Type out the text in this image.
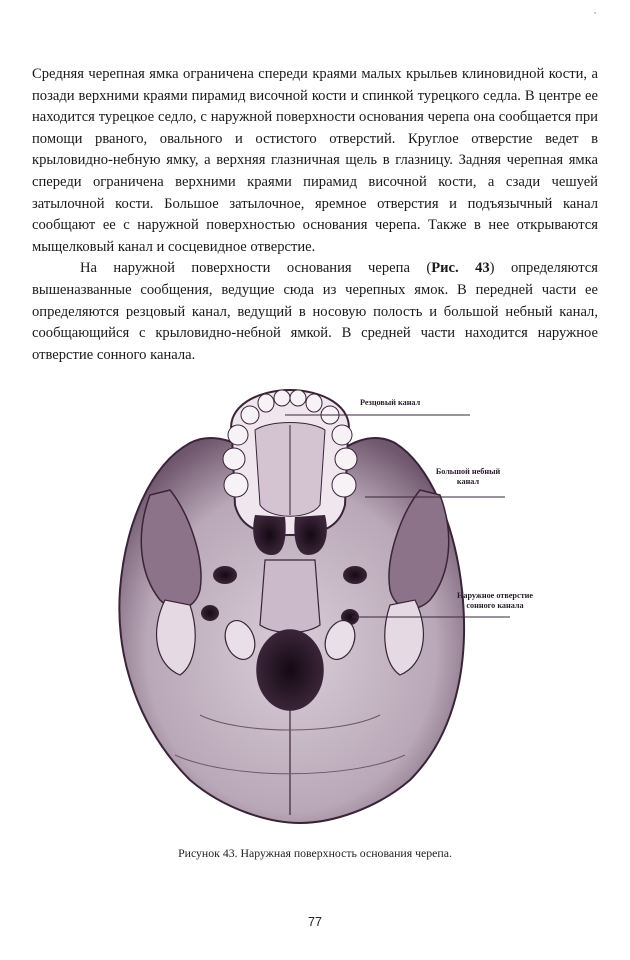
Средняя черепная ямка ограничена спереди краями малых крыльев клиновидной кости, а позади верхними краями пирамид височной кости и спинкой турецкого седла. В центре ее находится турецкое седло, с наружной поверхности основания черепа она сообщается при помощи рваного, овального и остистого отверстий. Круглое отверстие ведет в крыловидно-небную ямку, а верхняя глазничная щель в глазницу. Задняя черепная ямка спереди ограничена верхними краями пирамид височной кости, а сзади чешуей затылочной кости. Большое затылочное, яремное отверстия и подъязычный канал сообщают ее с наружной поверхностью основания черепа. Также в нее открываются мыщелковый канал и сосцевидное отверстие.

На наружной поверхности основания черепа (Рис. 43) определяются вышеназванные сообщения, ведущие сюда из черепных ямок. В передней части ее определяются резцовый канал, ведущий в носовую полость и большой небный канал, сообщающийся с крыловидно-небной ямкой. В средней части находится наружное отверстие сонного канала.

Резцовый канал
Большой небный
канал
Наружное отверстие
сонного канала
Рисунок 43. Наружная поверхность основания черепа.
77
